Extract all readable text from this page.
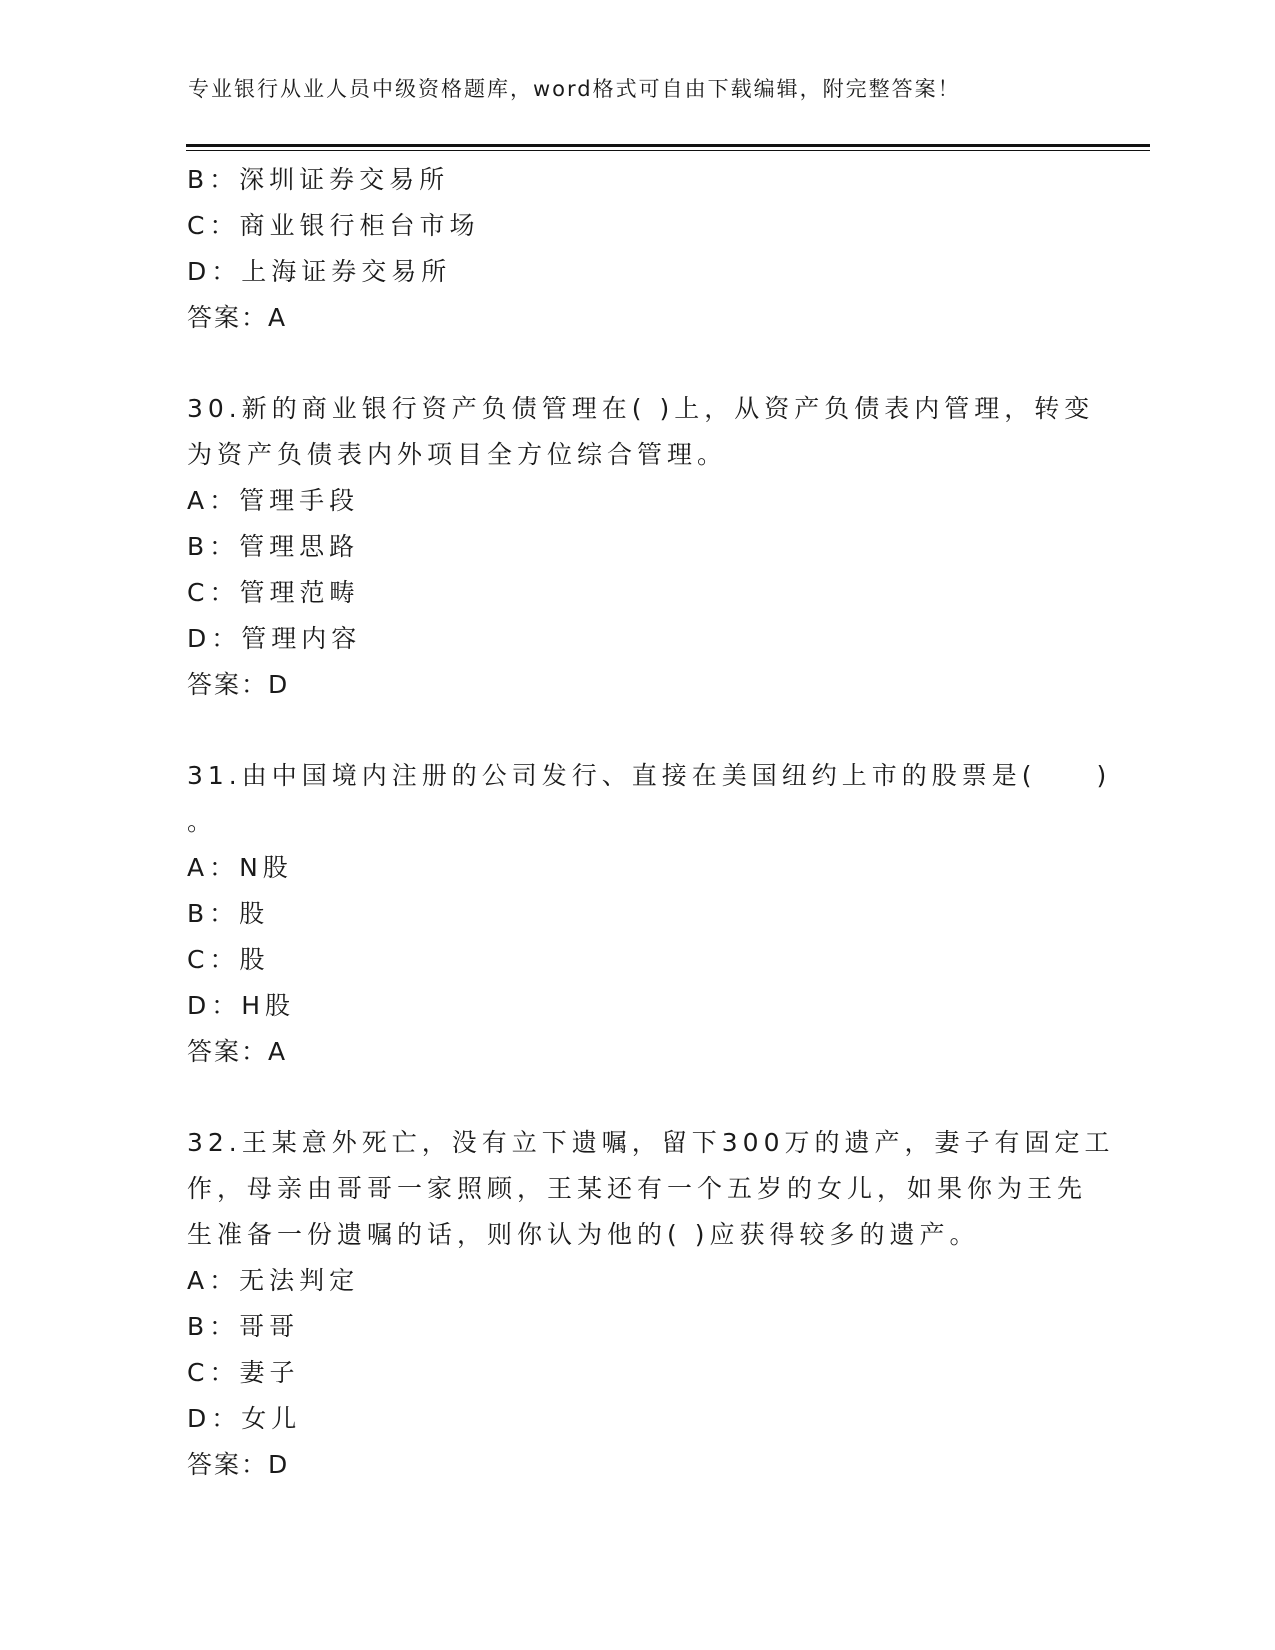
专业银行从业人员中级资格题库，word格式可自由下载编辑，附完整答案！
B：深圳证券交易所
C：商业银行柜台市场
D：上海证券交易所
答案：A
30.新的商业银行资产负债管理在( )上，从资产负债表内管理，转变
为资产负债表内外项目全方位综合管理。
A：管理手段
B：管理思路
C：管理范畴
D：管理内容
答案：D
31.由中国境内注册的公司发行、直接在美国纽约上市的股票是(　　)
。
A：N股
B：股
C：股
D：H股
答案：A
32.王某意外死亡，没有立下遗嘱，留下300万的遗产，妻子有固定工
作，母亲由哥哥一家照顾，王某还有一个五岁的女儿，如果你为王先
生准备一份遗嘱的话，则你认为他的( )应获得较多的遗产。
A：无法判定
B：哥哥
C：妻子
D：女儿
答案：D
